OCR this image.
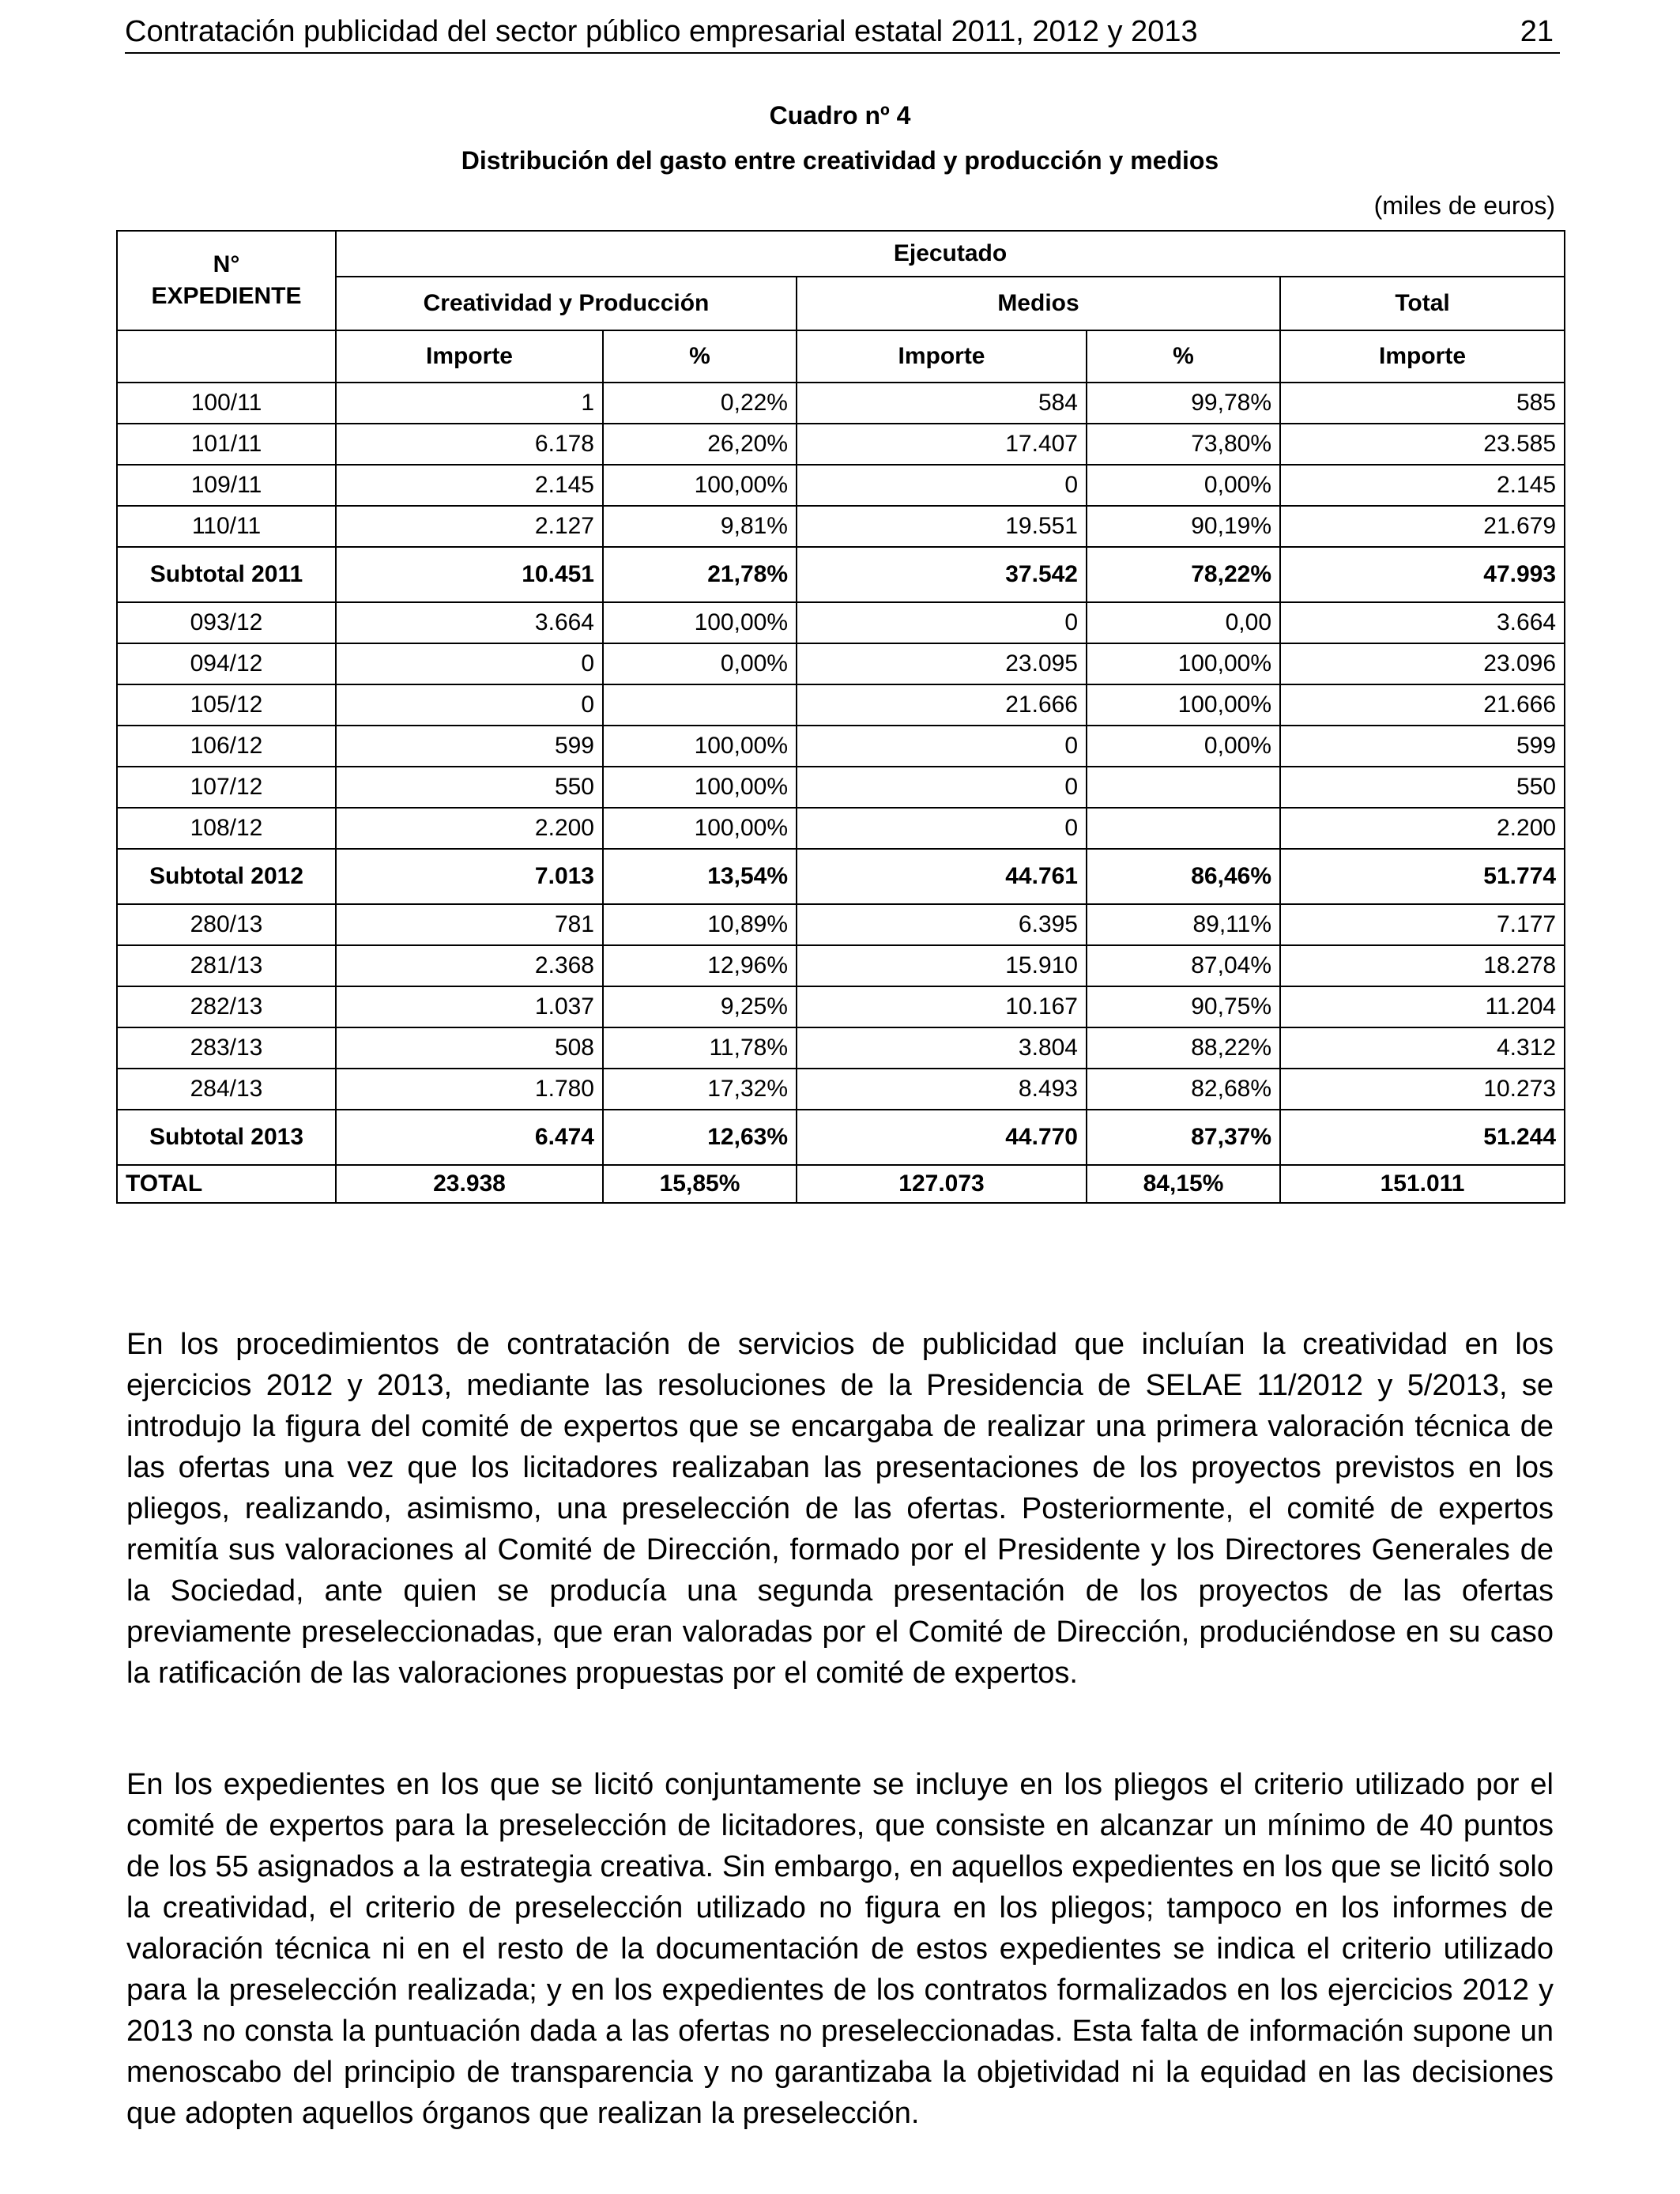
Contratación publicidad del sector público empresarial estatal 2011, 2012 y 2013	21
Cuadro nº 4
Distribución del gasto entre creatividad y producción y medios
(miles de euros)
N°
EXPEDIENTE	Ejecutado				
	Creatividad y Producción		Medios		Total
	Importe	%	Importe	%	Importe
100/11	1	0,22%	584	99,78%	585
101/11	6.178	26,20%	17.407	73,80%	23.585
109/11	2.145	100,00%	0	0,00%	2.145
110/11	2.127	9,81%	19.551	90,19%	21.679
Subtotal 2011	10.451	21,78%	37.542	78,22%	47.993
093/12	3.664	100,00%	0	0,00	3.664
094/12	0	0,00%	23.095	100,00%	23.096
105/12	0		21.666	100,00%	21.666
106/12	599	100,00%	0	0,00%	599
107/12	550	100,00%	0		550
108/12	2.200	100,00%	0		2.200
Subtotal 2012	7.013	13,54%	44.761	86,46%	51.774
280/13	781	10,89%	6.395	89,11%	7.177
281/13	2.368	12,96%	15.910	87,04%	18.278
282/13	1.037	9,25%	10.167	90,75%	11.204
283/13	508	11,78%	3.804	88,22%	4.312
284/13	1.780	17,32%	8.493	82,68%	10.273
Subtotal 2013	6.474	12,63%	44.770	87,37%	51.244
TOTAL	23.938	15,85%	127.073	84,15%	151.011
En los procedimientos de contratación de servicios de publicidad que incluían la creatividad en los ejercicios 2012 y 2013, mediante las resoluciones de la Presidencia de SELAE 11/2012 y 5/2013, se introdujo la figura del comité de expertos que se encargaba de realizar una primera valoración técnica de las ofertas una vez que los licitadores realizaban las presentaciones de los proyectos previstos en los pliegos, realizando, asimismo, una preselección de las ofertas. Posteriormente, el comité de expertos remitía sus valoraciones al Comité de Dirección, formado por el Presidente y los Directores Generales de la Sociedad, ante quien se producía una segunda presentación de los proyectos de las ofertas previamente preseleccionadas, que eran valoradas por el Comité de Dirección, produciéndose en su caso la ratificación de las valoraciones propuestas por el comité de expertos.
En los expedientes en los que se licitó conjuntamente se incluye en los pliegos el criterio utilizado por el comité de expertos para la preselección de licitadores, que consiste en alcanzar un mínimo de 40 puntos de los 55 asignados a la estrategia creativa. Sin embargo, en aquellos expedientes en los que se licitó solo la creatividad, el criterio de preselección utilizado no figura en los pliegos; tampoco en los informes de valoración técnica ni en el resto de la documentación de estos expedientes se indica el criterio utilizado para la preselección realizada; y en los expedientes de los contratos formalizados en los ejercicios 2012 y 2013 no consta la puntuación dada a las ofertas no preseleccionadas. Esta falta de información supone un menoscabo del principio de transparencia y no garantizaba la objetividad ni la equidad en las decisiones que adopten aquellos órganos que realizan la preselección.
